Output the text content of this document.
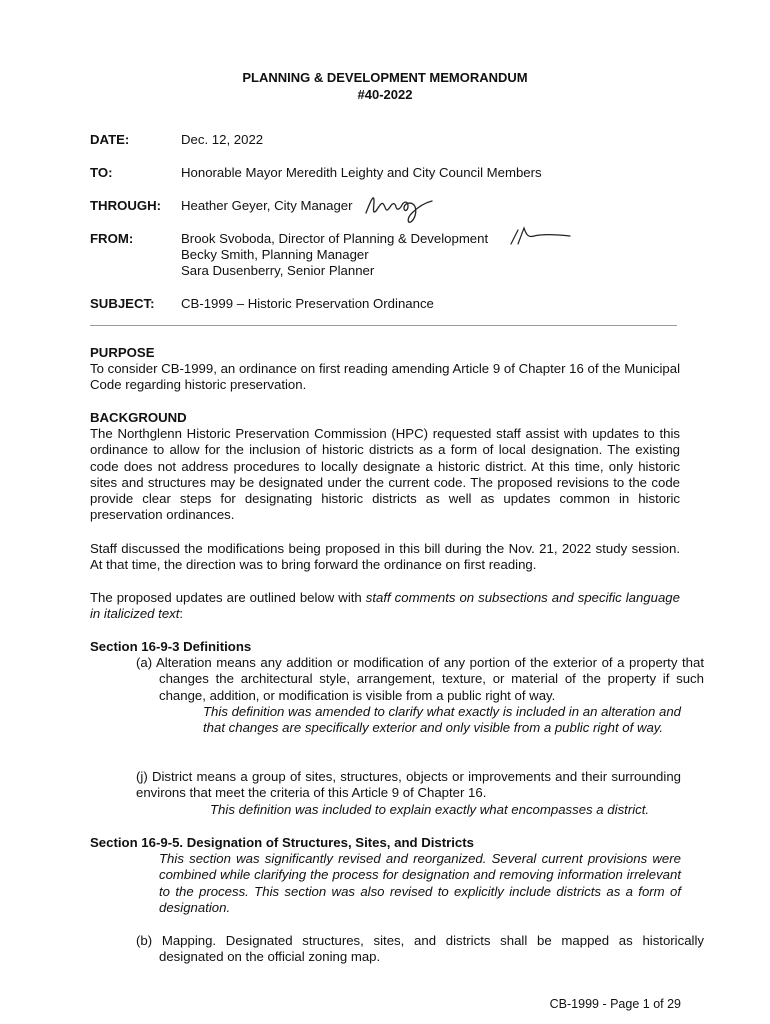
PLANNING & DEVELOPMENT MEMORANDUM
#40-2022
DATE:	Dec. 12, 2022
TO:	Honorable Mayor Meredith Leighty and City Council Members
THROUGH: Heather Geyer, City Manager
FROM:	Brook Svoboda, Director of Planning & Development
Becky Smith, Planning Manager
Sara Dusenberry, Senior Planner
SUBJECT: CB-1999 – Historic Preservation Ordinance
PURPOSE
To consider CB-1999, an ordinance on first reading amending Article 9 of Chapter 16 of the Municipal Code regarding historic preservation.
BACKGROUND
The Northglenn Historic Preservation Commission (HPC) requested staff assist with updates to this ordinance to allow for the inclusion of historic districts as a form of local designation. The existing code does not address procedures to locally designate a historic district. At this time, only historic sites and structures may be designated under the current code. The proposed revisions to the code provide clear steps for designating historic districts as well as updates common in historic preservation ordinances.
Staff discussed the modifications being proposed in this bill during the Nov. 21, 2022 study session. At that time, the direction was to bring forward the ordinance on first reading.
The proposed updates are outlined below with staff comments on subsections and specific language in italicized text:
Section 16-9-3 Definitions
(a) Alteration means any addition or modification of any portion of the exterior of a property that changes the architectural style, arrangement, texture, or material of the property if such change, addition, or modification is visible from a public right of way.
This definition was amended to clarify what exactly is included in an alteration and that changes are specifically exterior and only visible from a public right of way.
(j) District means a group of sites, structures, objects or improvements and their surrounding environs that meet the criteria of this Article 9 of Chapter 16.
This definition was included to explain exactly what encompasses a district.
Section 16-9-5. Designation of Structures, Sites, and Districts
This section was significantly revised and reorganized. Several current provisions were combined while clarifying the process for designation and removing information irrelevant to the process. This section was also revised to explicitly include districts as a form of designation.
(b) Mapping. Designated structures, sites, and districts shall be mapped as historically designated on the official zoning map.
CB-1999 - Page 1 of 29
